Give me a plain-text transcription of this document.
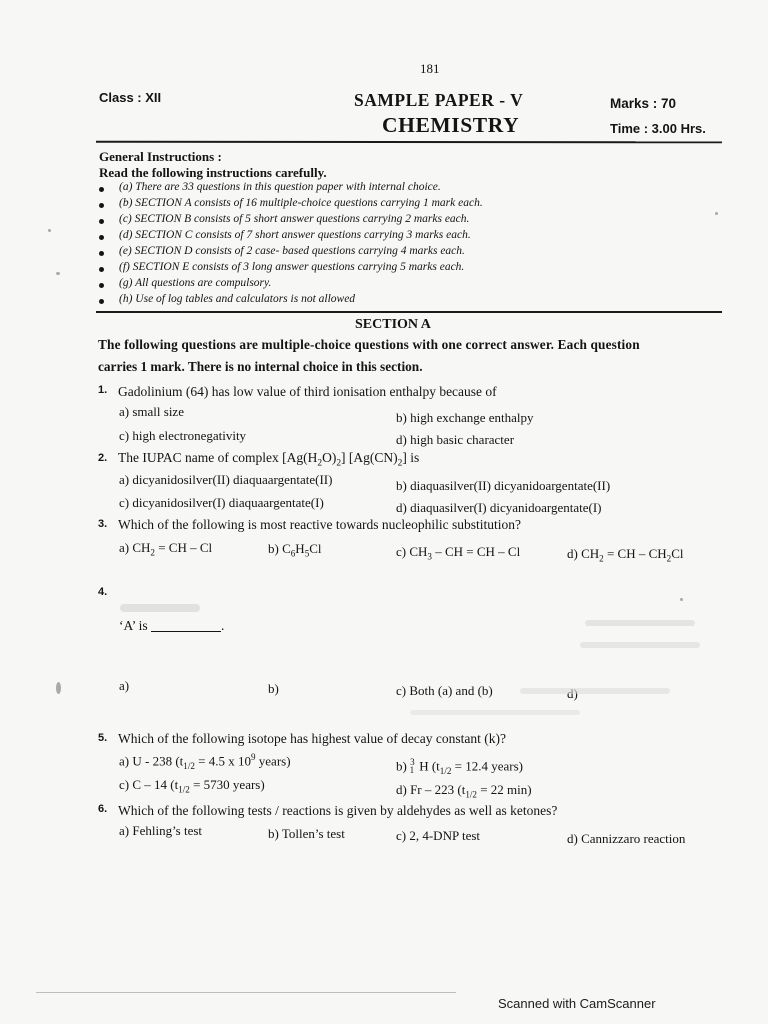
181
Class : XII	SAMPLE PAPER - V
CHEMISTRY
Marks : 70
Time : 3.00 Hrs.
General Instructions :
Read the following instructions carefully.
(a) There are 33 questions in this question paper with internal choice.
(b) SECTION A consists of 16 multiple-choice questions carrying 1 mark each.
(c) SECTION B consists of 5 short answer questions carrying 2 marks each.
(d) SECTION C consists of 7 short answer questions carrying 3 marks each.
(e) SECTION D consists of 2 case- based questions carrying 4 marks each.
(f) SECTION E consists of 3 long answer questions carrying 5 marks each.
(g) All questions are compulsory.
(h) Use of log tables and calculators is not allowed
SECTION A
The following questions are multiple-choice questions with one correct answer. Each question
carries 1 mark. There is no internal choice in this section.
1. Gadolinium (64) has low value of third ionisation enthalpy because of
a) small size	b) high exchange enthalpy
c) high electronegativity	d) high basic character
2. The IUPAC name of complex $[Ag(H_2O)_2]$ $[Ag(CN)_2]$ is
a) dicyanidosilver(II) diaquaargentate(II)	b) diaquasilver(II) dicyanidoargentate(II)
c) dicyanidosilver(I) diaquaargentate(I)	d) diaquasilver(I) dicyanidoargentate(I)
3. Which of the following is most reactive towards nucleophilic substitution?
a) $CH_2$ = CH – Cl	b) $C_6H_5Cl$	c) $CH_3$ – CH = CH – Cl	d) $CH_2$ = CH – $CH_2Cl$
4.
‘A’ is	.
a)	b)	c) Both (a) and (b)
5. Which of the following isotope has highest value of decay constant (k)?
a) U - 238 ($t_{1/2} = 4.5$ x $10^9$ years)	b) $^3_1$ H ($t_{1/2} = 12.4$ years)
c) C – 14 ($t_{1/2} = 5730$ years)	d) Fr – 223 ($t_{1/2} = 22$ min)
6. Which of the following tests / reactions is given by aldehydes as well as ketones?
a) Fehling’s test	b) Tollen’s test	c) 2, 4-DNP test	d) Cannizzaro reaction
Scanned with CamScanner
